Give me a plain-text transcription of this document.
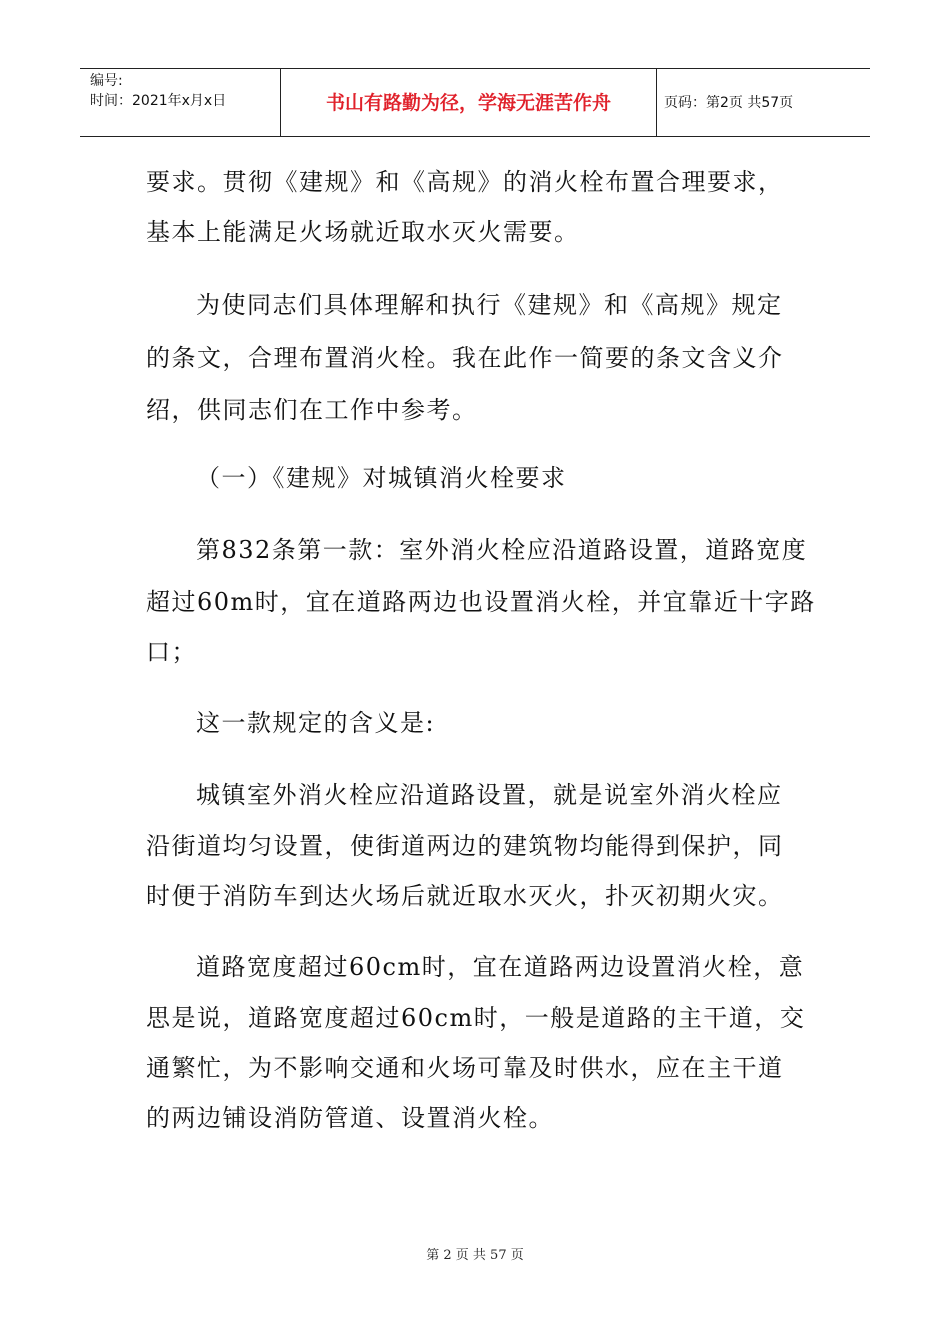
编号:
时间：2021年x月x日	书山有路勤为径，学海无涯苦作舟	页码：第2页 共57页
要求。贯彻《建规》和《高规》的消火栓布置合理要求，
基本上能满足火场就近取水灭火需要。
为使同志们具体理解和执行《建规》和《高规》规定
的条文，合理布置消火栓。我在此作一简要的条文含义介
绍，供同志们在工作中参考。
（一）《建规》对城镇消火栓要求
第832条第一款：室外消火栓应沿道路设置，道路宽度
超过60m时，宜在道路两边也设置消火栓，并宜靠近十字路
口；
这一款规定的含义是:
城镇室外消火栓应沿道路设置，就是说室外消火栓应
沿街道均匀设置，使街道两边的建筑物均能得到保护，同
时便于消防车到达火场后就近取水灭火，扑灭初期火灾。
道路宽度超过60cm时，宜在道路两边设置消火栓，意
思是说，道路宽度超过60cm时，一般是道路的主干道，交
通繁忙，为不影响交通和火场可靠及时供水，应在主干道
的两边铺设消防管道、设置消火栓。
第 2 页 共 57 页
